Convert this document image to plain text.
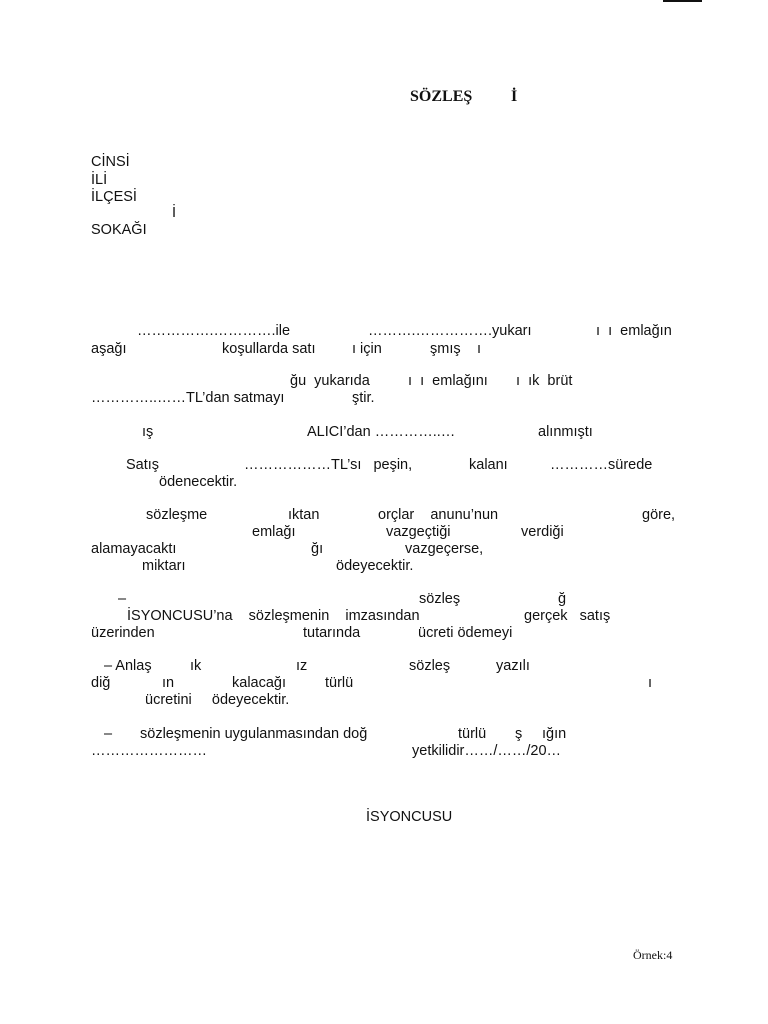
SÖZLEŞ İ
CİNSİ
İLİ
İLÇESİ
İ
SOKAĞI
…………….………….ile	……….…………….yukarı	ı  ı  emlağın
aşağı	koşullarda satı	ı için	şmış ı
ğu  yukarıda	ı  ı  emlağını ı  ık  brüt
…………..……TL’dan satmayı	ştir.
ış	ALICI’dan …………..…	alınmıştı
Satış	………………TL’sı   peşin,	kalanı	…………sürede
ödenecektir.
sözleşme	ıktan	orçlar    anunu’nun	göre,
emlağı	vazgeçtiği	verdiği
alamayacaktı	ğı	vazgeçerse,
miktarı	ödeyecektir.
–	sözleş	ğ
İSYONCUSU’na    sözleşmenin    imzasından	gerçek   satış
üzerinden	tutarında	ücreti ödemeyi
– Anlaş	ık	ız	sözleş	yazılı
diğ	ın	kalacağı	türlü	ı
ücretini     ödeyecektir.
– sözleşmenin uygulanmasından doğ	türlü ş ığın
……………………	yetkilidir……/……/20…
İSYONCUSU
Örnek:4
